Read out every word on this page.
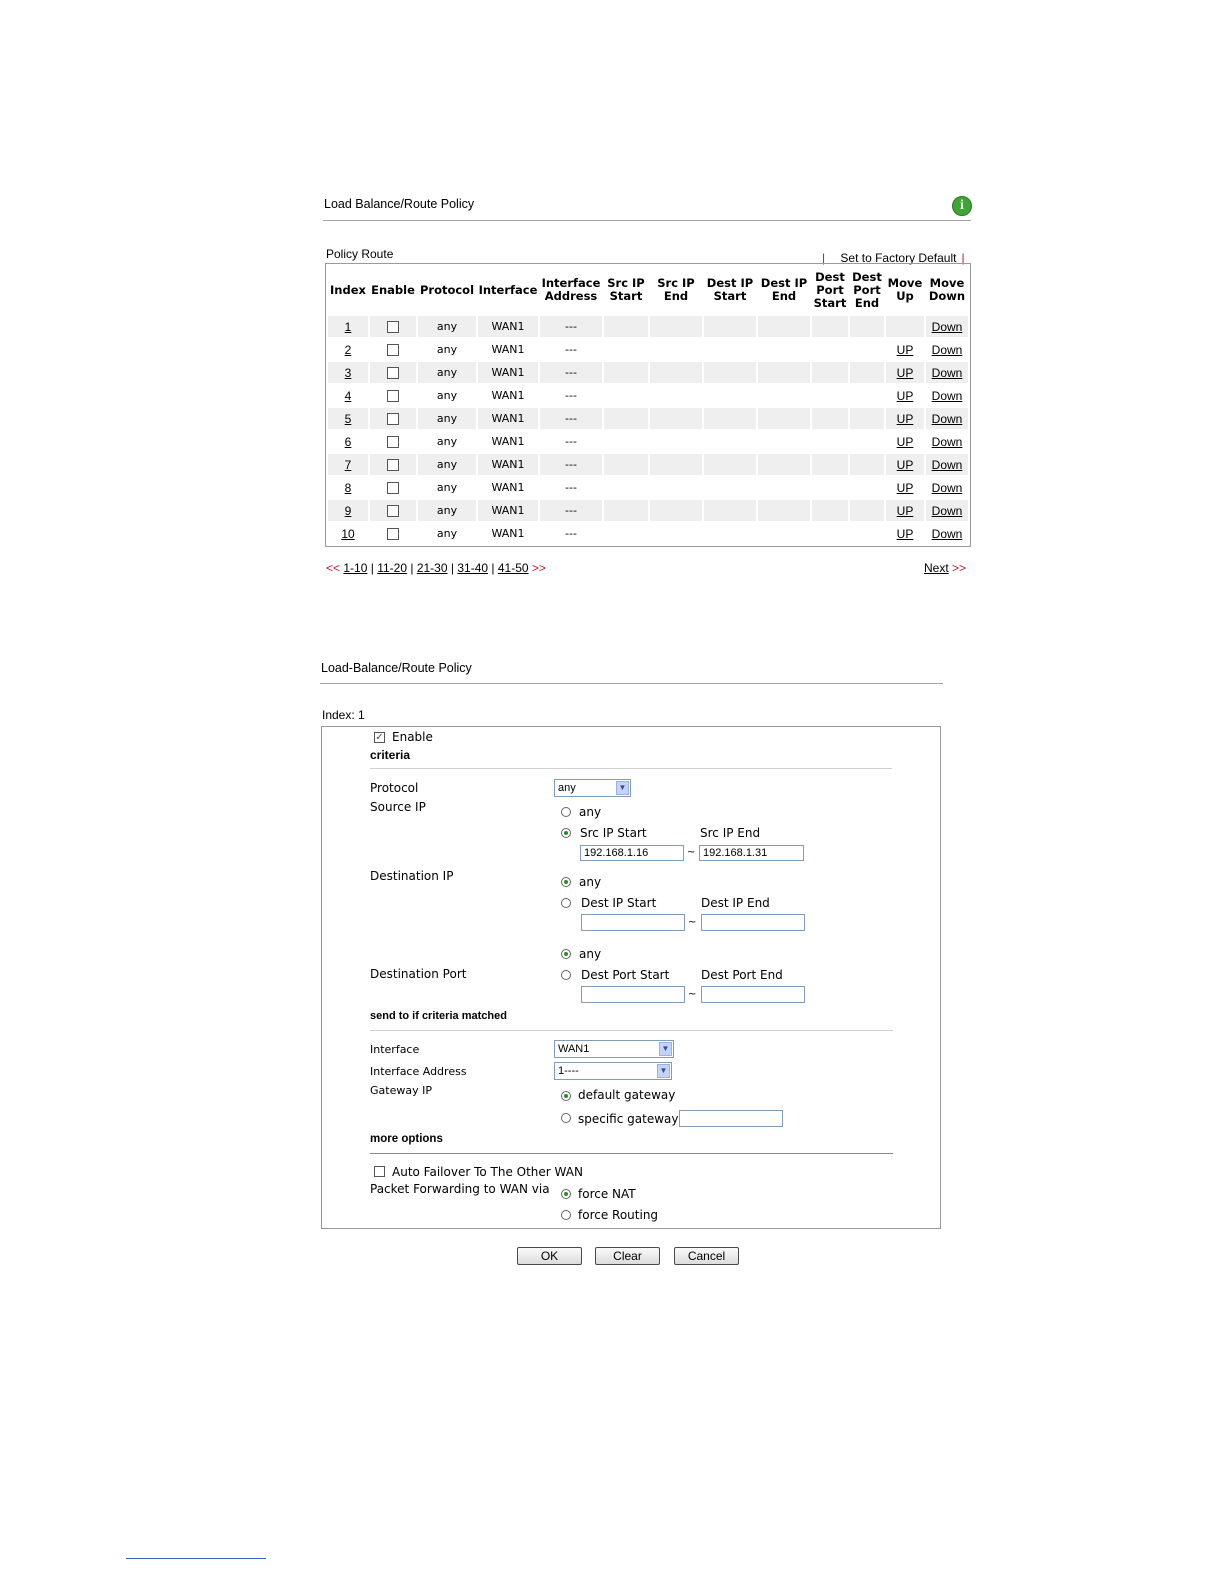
Load Balance/Route Policy	i
Policy Route	| Set to Factory Default |
Index	Enable	Protocol	Interface	Interface Address	Src IP Start	Src IP End	Dest IP Start	Dest IP End	Dest Port Start	Dest Port End	Move Up	Move Down
1		any	WAN1	---								Down
2		any	WAN1	---							UP	Down
3		any	WAN1	---							UP	Down
4		any	WAN1	---							UP	Down
5		any	WAN1	---							UP	Down
6		any	WAN1	---							UP	Down
7		any	WAN1	---							UP	Down
8		any	WAN1	---							UP	Down
9		any	WAN1	---							UP	Down
10		any	WAN1	---							UP	Down
<< 1-10 | 11-20 | 21-30 | 31-40 | 41-50 >>	Next >>
Load-Balance/Route Policy
Index: 1
✓ Enable
criteria
Protocol	any	▼
Source IP	any
Src IP Start	Src IP End
192.168.1.16	~ 192.168.1.31
Destination IP	any
Dest IP Start	Dest IP End
~
any
Destination Port	Dest Port Start	Dest Port End
~
send to if criteria matched
Interface	WAN1	▼
Interface Address	1----	▼
Gateway IP	default gateway
specific gateway
more options
Auto Failover To The Other WAN
Packet Forwarding to WAN via force NAT
force Routing
OK	Clear	Cancel
